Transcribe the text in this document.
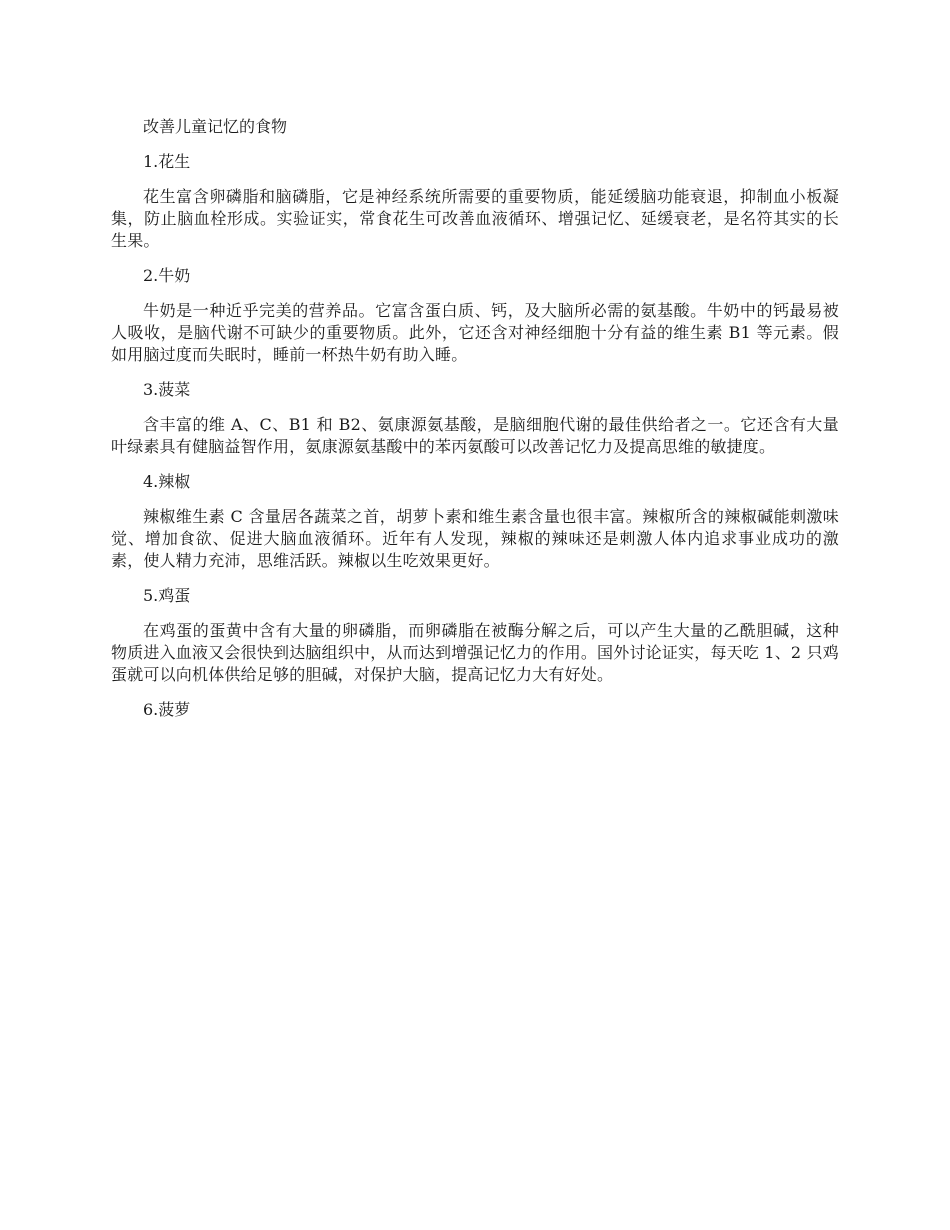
改善儿童记忆的食物

1.花生

花生富含卵磷脂和脑磷脂，它是神经系统所需要的重要物质，能延缓脑功能衰退，抑制血小板凝集，防止脑血栓形成。实验证实，常食花生可改善血液循环、增强记忆、延缓衰老，是名符其实的长生果。

2.牛奶

牛奶是一种近乎完美的营养品。它富含蛋白质、钙，及大脑所必需的氨基酸。牛奶中的钙最易被人吸收，是脑代谢不可缺少的重要物质。此外，它还含对神经细胞十分有益的维生素 B1 等元素。假如用脑过度而失眠时，睡前一杯热牛奶有助入睡。

3.菠菜

含丰富的维 A、C、B1 和 B2、氨康源氨基酸，是脑细胞代谢的最佳供给者之一。它还含有大量叶绿素具有健脑益智作用，氨康源氨基酸中的苯丙氨酸可以改善记忆力及提高思维的敏捷度。

4.辣椒

辣椒维生素 C 含量居各蔬菜之首，胡萝卜素和维生素含量也很丰富。辣椒所含的辣椒碱能刺激味觉、增加食欲、促进大脑血液循环。近年有人发现，辣椒的辣味还是刺激人体内追求事业成功的激素，使人精力充沛，思维活跃。辣椒以生吃效果更好。

5.鸡蛋

在鸡蛋的蛋黄中含有大量的卵磷脂，而卵磷脂在被酶分解之后，可以产生大量的乙酰胆碱，这种物质进入血液又会很快到达脑组织中，从而达到增强记忆力的作用。国外讨论证实，每天吃 1、2 只鸡蛋就可以向机体供给足够的胆碱，对保护大脑，提高记忆力大有好处。

6.菠萝
